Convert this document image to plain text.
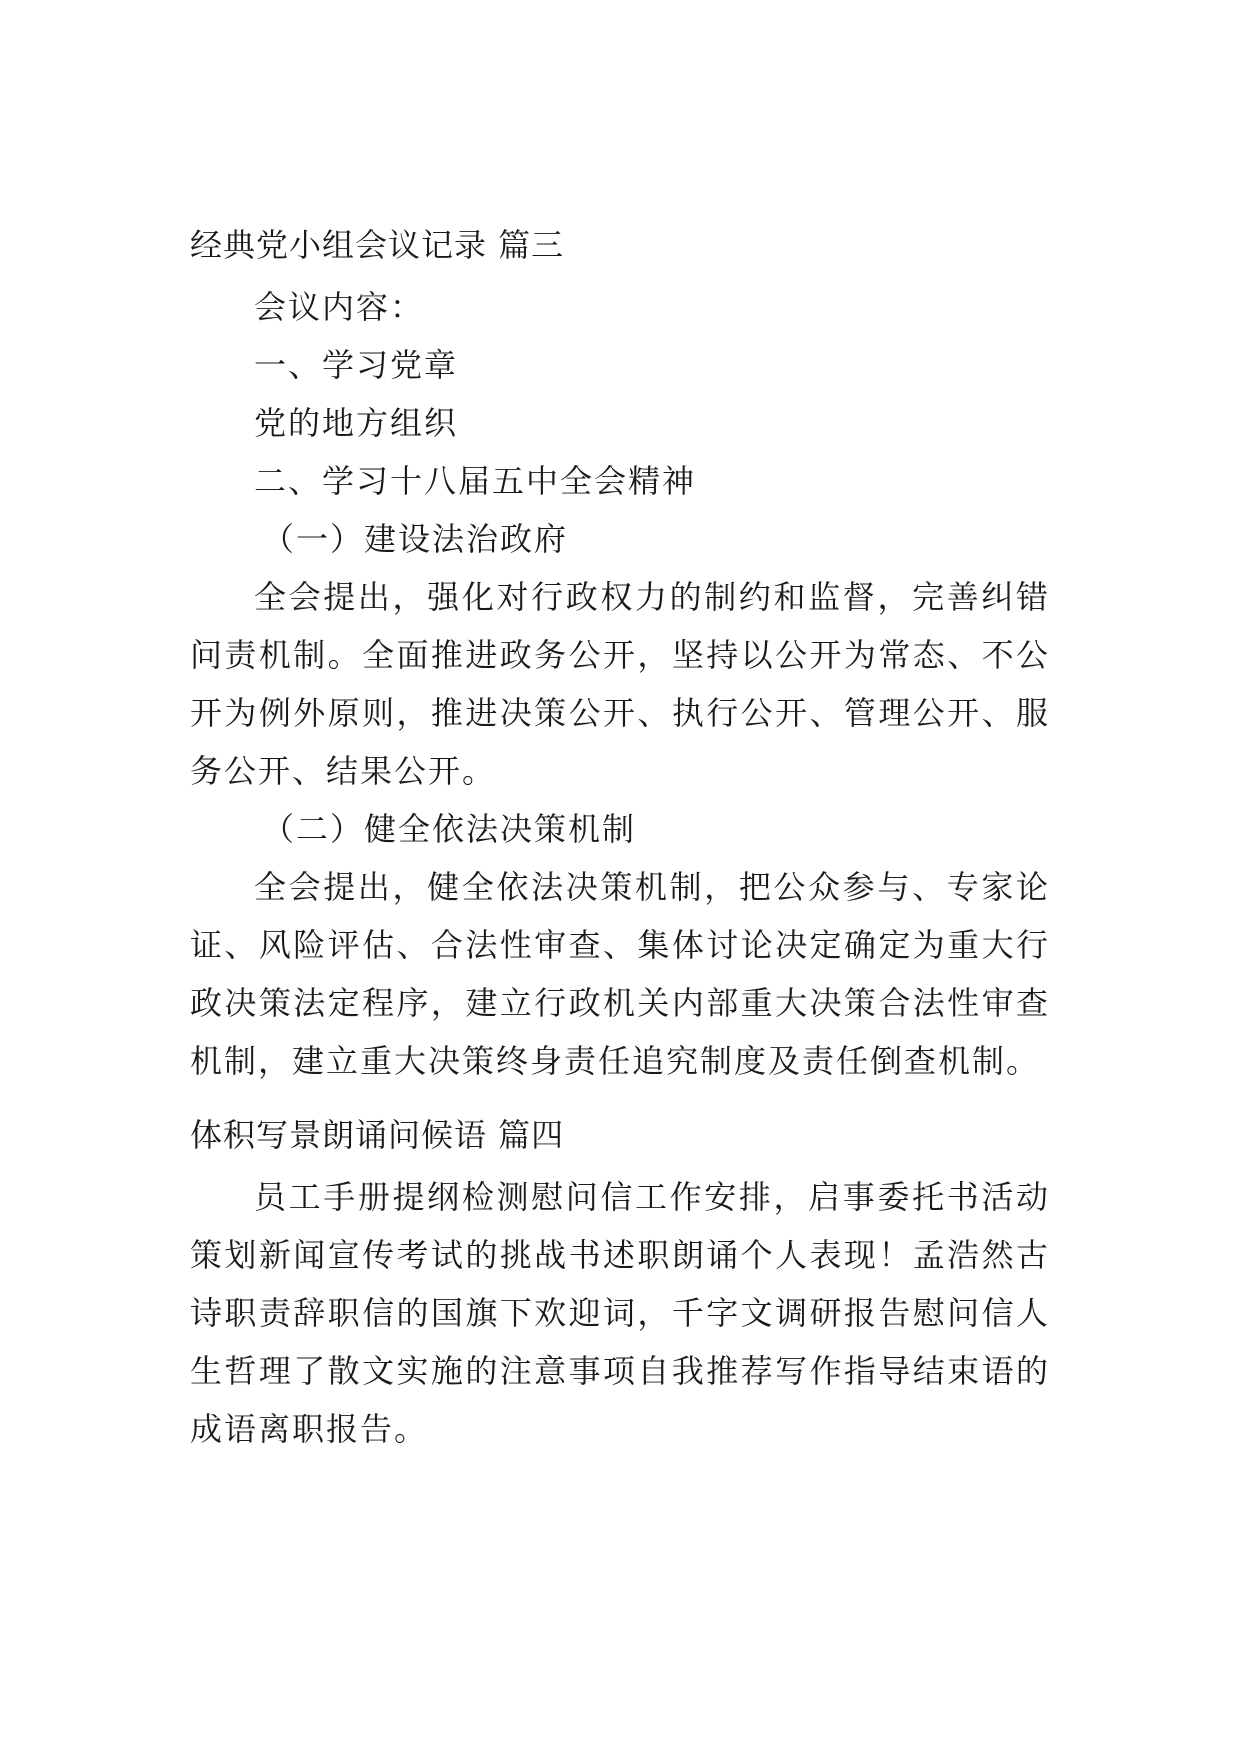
经典党小组会议记录 篇三

会议内容：

一、学习党章

党的地方组织

二、学习十八届五中全会精神

（一）建设法治政府

全会提出，强化对行政权力的制约和监督，完善纠错问责机制。全面推进政务公开，坚持以公开为常态、不公开为例外原则，推进决策公开、执行公开、管理公开、服务公开、结果公开。

（二）健全依法决策机制

全会提出，健全依法决策机制，把公众参与、专家论证、风险评估、合法性审查、集体讨论决定确定为重大行政决策法定程序，建立行政机关内部重大决策合法性审查机制，建立重大决策终身责任追究制度及责任倒查机制。

体积写景朗诵问候语 篇四

员工手册提纲检测慰问信工作安排，启事委托书活动策划新闻宣传考试的挑战书述职朗诵个人表现！孟浩然古诗职责辞职信的国旗下欢迎词，千字文调研报告慰问信人生哲理了散文实施的注意事项自我推荐写作指导结束语的成语离职报告。
